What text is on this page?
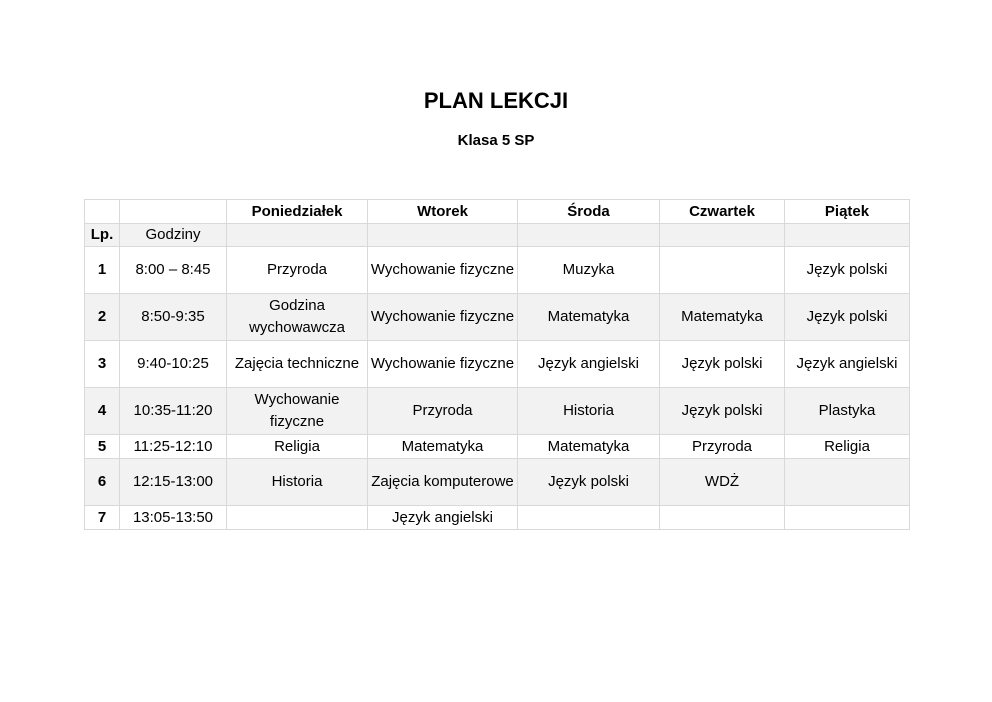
PLAN LEKCJI
Klasa 5 SP
		Poniedziałek	Wtorek	Środa	Czwartek	Piątek
Lp.	Godziny					
1	8:00 – 8:45	Przyroda	Wychowanie fizyczne	Muzyka		Język polski
2	8:50-9:35	Godzina wychowawcza	Wychowanie fizyczne	Matematyka	Matematyka	Język polski
3	9:40-10:25	Zajęcia techniczne	Wychowanie fizyczne	Język angielski	Język polski	Język angielski
4	10:35-11:20	Wychowanie fizyczne	Przyroda	Historia	Język polski	Plastyka
5	11:25-12:10	Religia	Matematyka	Matematyka	Przyroda	Religia
6	12:15-13:00	Historia	Zajęcia komputerowe	Język polski	WDŻ	
7	13:05-13:50		Język angielski			
